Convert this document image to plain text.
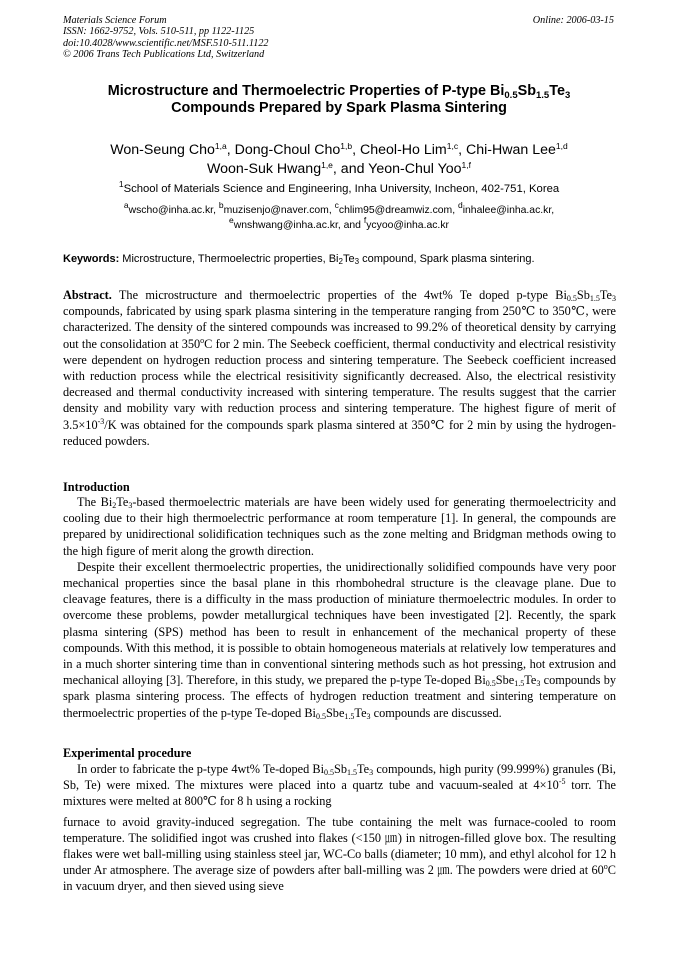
Materials Science Forum
ISSN: 1662-9752, Vols. 510-511, pp 1122-1125
doi:10.4028/www.scientific.net/MSF.510-511.1122
© 2006 Trans Tech Publications Ltd, Switzerland
Online: 2006-03-15
Microstructure and Thermoelectric Properties of P-type $Bi_{0.5}Sb_{1.5}Te_3$
Compounds Prepared by Spark Plasma Sintering
Won-Seung Cho$^{1,a}$, Dong-Choul Cho$^{1,b}$, Cheol-Ho Lim$^{1,c}$, Chi-Hwan Lee$^{1,d}$
Woon-Suk Hwang$^{1,e}$, and Yeon-Chul Yoo$^{1,f}$
$^1$School of Materials Science and Engineering, Inha University, Incheon, 402-751, Korea
$^a$wscho@inha.ac.kr, $^b$muzisenjo@naver.com, $^c$chlim95@dreamwiz.com, $^d$inhalee@inha.ac.kr,
$^e$wnshwang@inha.ac.kr, and $^f$ycyoo@inha.ac.kr
Keywords: Microstructure, Thermoelectric properties, $Bi_2Te_3$ compound, Spark plasma sintering.

Abstract. The microstructure and thermoelectric properties of the 4wt% Te doped p-type $Bi_{0.5}Sb_{1.5}Te_3$ compounds, fabricated by using spark plasma sintering in the temperature ranging from 250℃ to 350℃, were characterized. The density of the sintered compounds was increased to 99.2% of theoretical density by carrying out the consolidation at 350$^o$C for 2 min. The Seebeck coefficient, thermal conductivity and electrical resistivity were dependent on hydrogen reduction process and sintering temperature. The Seebeck coefficient increased with reduction process while the electrical resisitivity significantly decreased. Also, the electrical resistivity decreased and thermal conductivity increased with sintering temperature. The results suggest that the carrier density and mobility vary with reduction process and sintering temperature. The highest figure of merit of $3.5\times 10^{-3}/K$ was obtained for the compounds spark plasma sintered at 350℃ for 2 min by using the hydrogen-reduced powders.

Introduction

The $Bi_2Te_3$-based thermoelectric materials are have been widely used for generating thermoelectricity and cooling due to their high thermoelectric performance at room temperature [1]. In general, the compounds are prepared by unidirectional solidification techniques such as the zone melting and Bridgman methods owing to the high figure of merit along the growth direction.

Despite their excellent thermoelectric properties, the unidirectionally solidified compounds have very poor mechanical properties since the basal plane in this rhombohedral structure is the cleavage plane. Due to cleavage features, there is a difficulty in the mass production of miniature thermoelectric modules. In order to overcome these problems, powder metallurgical techniques have been investigated [2]. Recently, the spark plasma sintering (SPS) method has been to result in enhancement of the mechanical property of these compounds. With this method, it is possible to obtain homogeneous materials at relatively low temperatures and in a much shorter sintering time than in conventional sintering methods such as hot pressing, hot extrusion and mechanical alloying [3]. Therefore, in this study, we prepared the p-type Te-doped $Bi_{0.5}Sbe_{1.5}Te_3$ compounds by spark plasma sintering process. The effects of hydrogen reduction treatment and sintering temperature on thermoelectric properties of the p-type Te-doped $Bi_{0.5}Sbe_{1.5}Te_3$ compounds are discussed.

Experimental procedure

In order to fabricate the p-type 4wt% Te-doped $Bi_{0.5}Sb_{1.5}Te_3$ compounds, high purity (99.999%) granules (Bi, Sb, Te) were mixed. The mixtures were placed into a quartz tube and vacuum-sealed at $4\times 10^{-5}$ torr. The mixtures were melted at 800℃ for 8 h using a rocking

furnace to avoid gravity-induced segregation. The tube containing the melt was furnace-cooled to room temperature. The solidified ingot was crushed into flakes (<150 ㎛) in nitrogen-filled glove box. The resulting flakes were wet ball-milling using stainless steel jar, WC-Co balls (diameter; 10 mm), and ethyl alcohol for 12 h under Ar atmosphere. The average size of powders after ball-milling was 2 ㎛. The powders were dried at 60$^o$C in vacuum dryer, and then sieved using sieve
